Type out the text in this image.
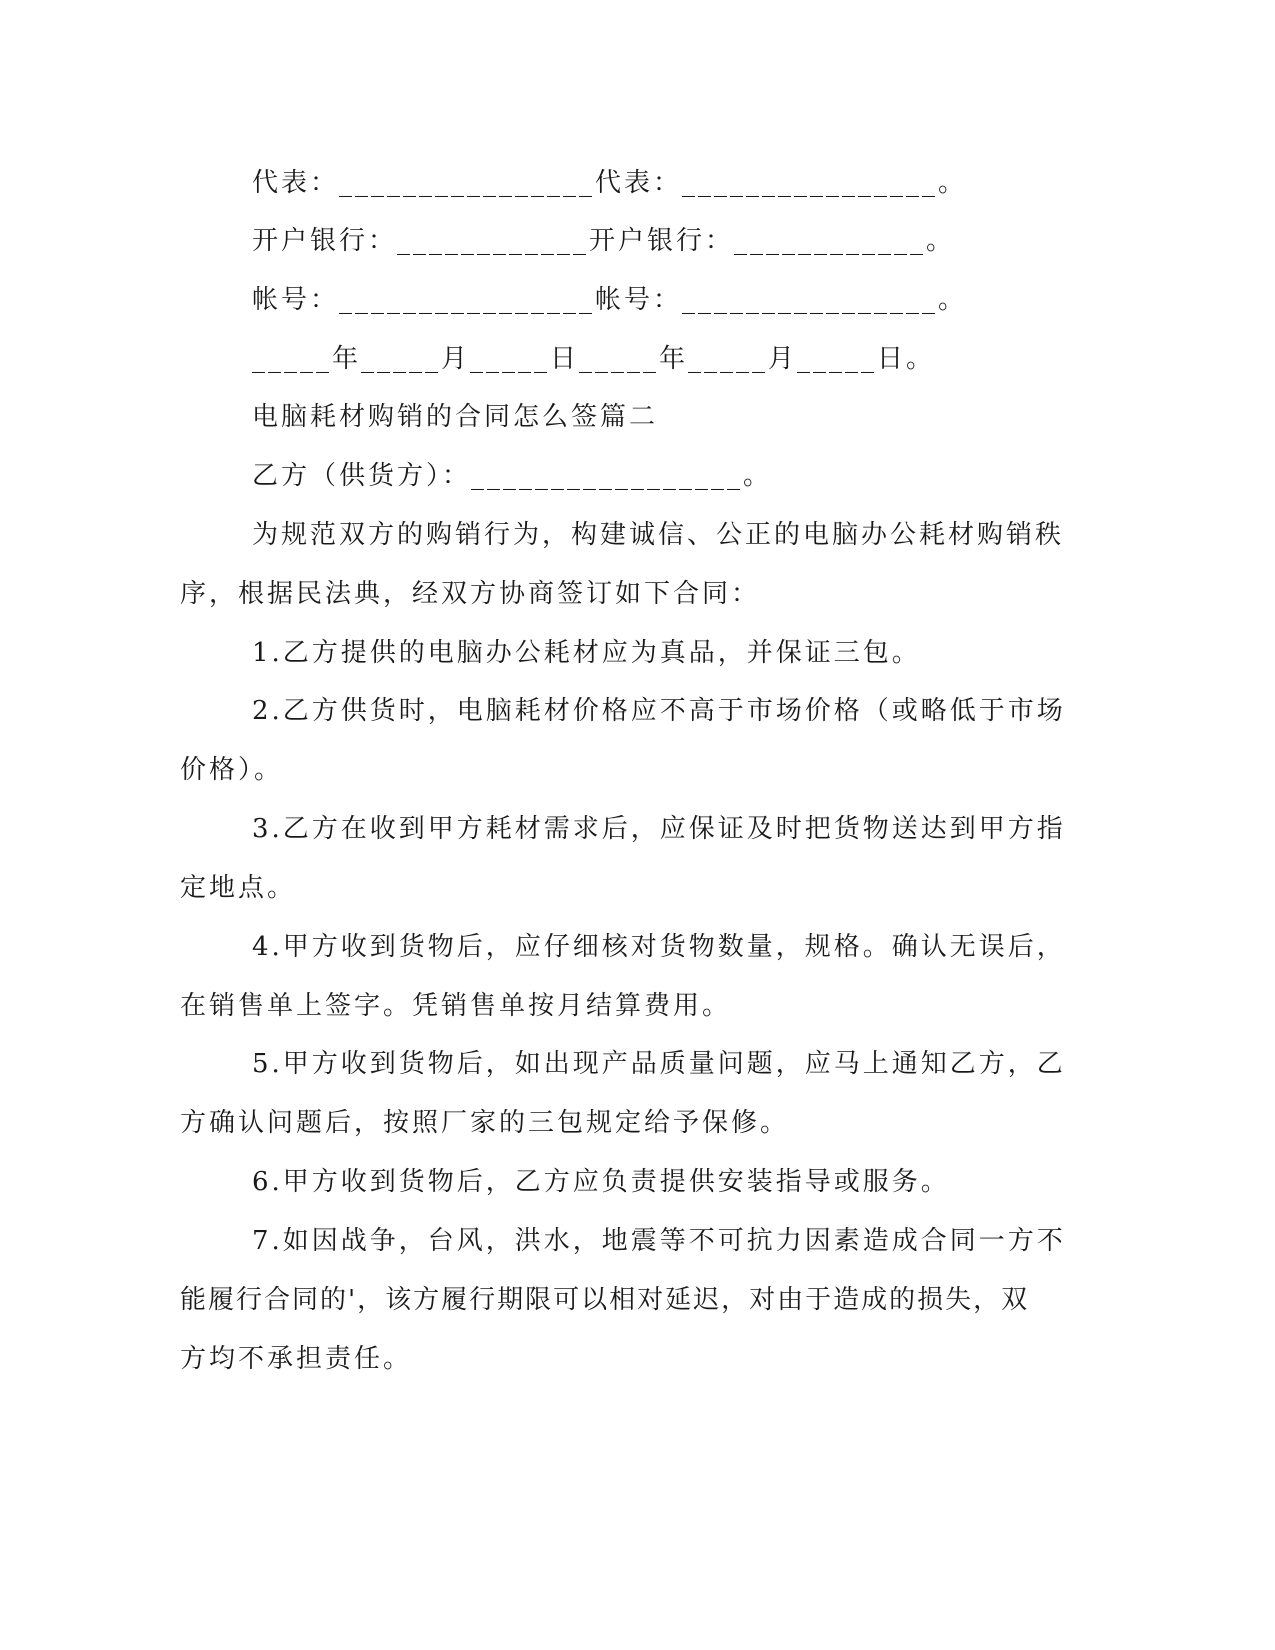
代表：________________代表：________________。
开户银行：____________开户银行：____________。
帐号：________________帐号：________________。
_____年_____月_____日_____年_____月_____日。
电脑耗材购销的合同怎么签篇二
乙方（供货方）：_________________。
为规范双方的购销行为，构建诚信、公正的电脑办公耗材购销秩
序，根据民法典，经双方协商签订如下合同：
1.乙方提供的电脑办公耗材应为真品，并保证三包。
2.乙方供货时，电脑耗材价格应不高于市场价格（或略低于市场
价格）。
3.乙方在收到甲方耗材需求后，应保证及时把货物送达到甲方指
定地点。
4.甲方收到货物后，应仔细核对货物数量，规格。确认无误后，
在销售单上签字。凭销售单按月结算费用。
5.甲方收到货物后，如出现产品质量问题，应马上通知乙方，乙
方确认问题后，按照厂家的三包规定给予保修。
6.甲方收到货物后，乙方应负责提供安装指导或服务。
7.如因战争，台风，洪水，地震等不可抗力因素造成合同一方不
能履行合同的'，该方履行期限可以相对延迟，对由于造成的损失，双
方均不承担责任。
